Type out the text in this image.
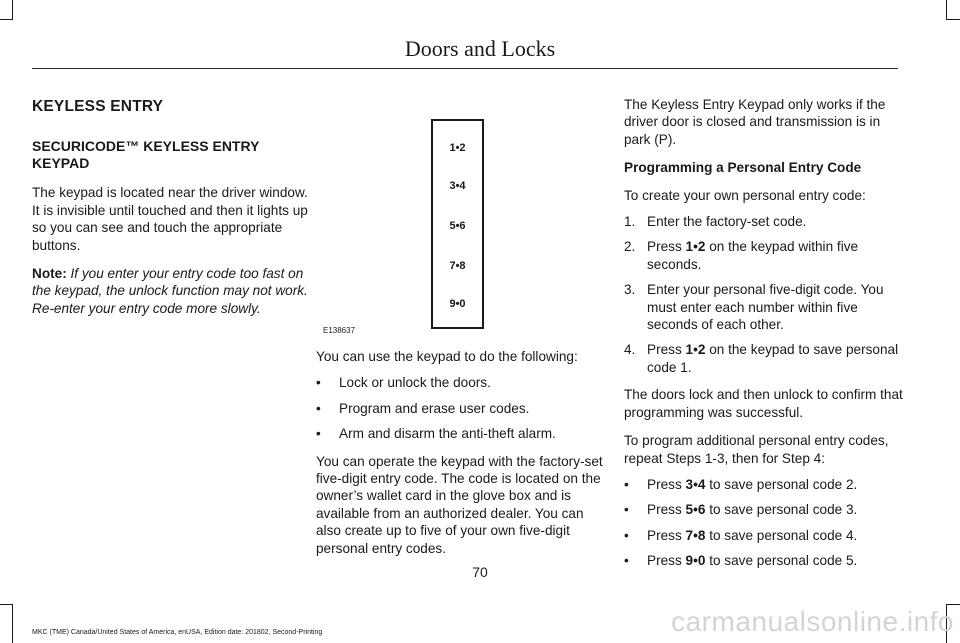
Doors and Locks

KEYLESS ENTRY

SECURICODE™ KEYLESS ENTRY KEYPAD

The keypad is located near the driver window. It is invisible until touched and then it lights up so you can see and touch the appropriate buttons.

Note: If you enter your entry code too fast on the keypad, the unlock function may not work. Re-enter your entry code more slowly.

1•2
3•4
5•6
7•8
9•0
E138637

You can use the keypad to do the following:

• Lock or unlock the doors.
• Program and erase user codes.
• Arm and disarm the anti-theft alarm.

You can operate the keypad with the factory-set five-digit entry code. The code is located on the owner’s wallet card in the glove box and is available from an authorized dealer. You can also create up to five of your own five-digit personal entry codes.

The Keyless Entry Keypad only works if the driver door is closed and transmission is in park (P).

Programming a Personal Entry Code

To create your own personal entry code:

1. Enter the factory-set code.
2. Press 1•2 on the keypad within five seconds.
3. Enter your personal five-digit code. You must enter each number within five seconds of each other.
4. Press 1•2 on the keypad to save personal code 1.

The doors lock and then unlock to confirm that programming was successful.

To program additional personal entry codes, repeat Steps 1-3, then for Step 4:

• Press 3•4 to save personal code 2.
• Press 5•6 to save personal code 3.
• Press 7•8 to save personal code 4.
• Press 9•0 to save personal code 5.
70
MKC (TME) Canada/United States of America, enUSA, Edition date: 201802, Second-Printing	carmanualsonline.info
